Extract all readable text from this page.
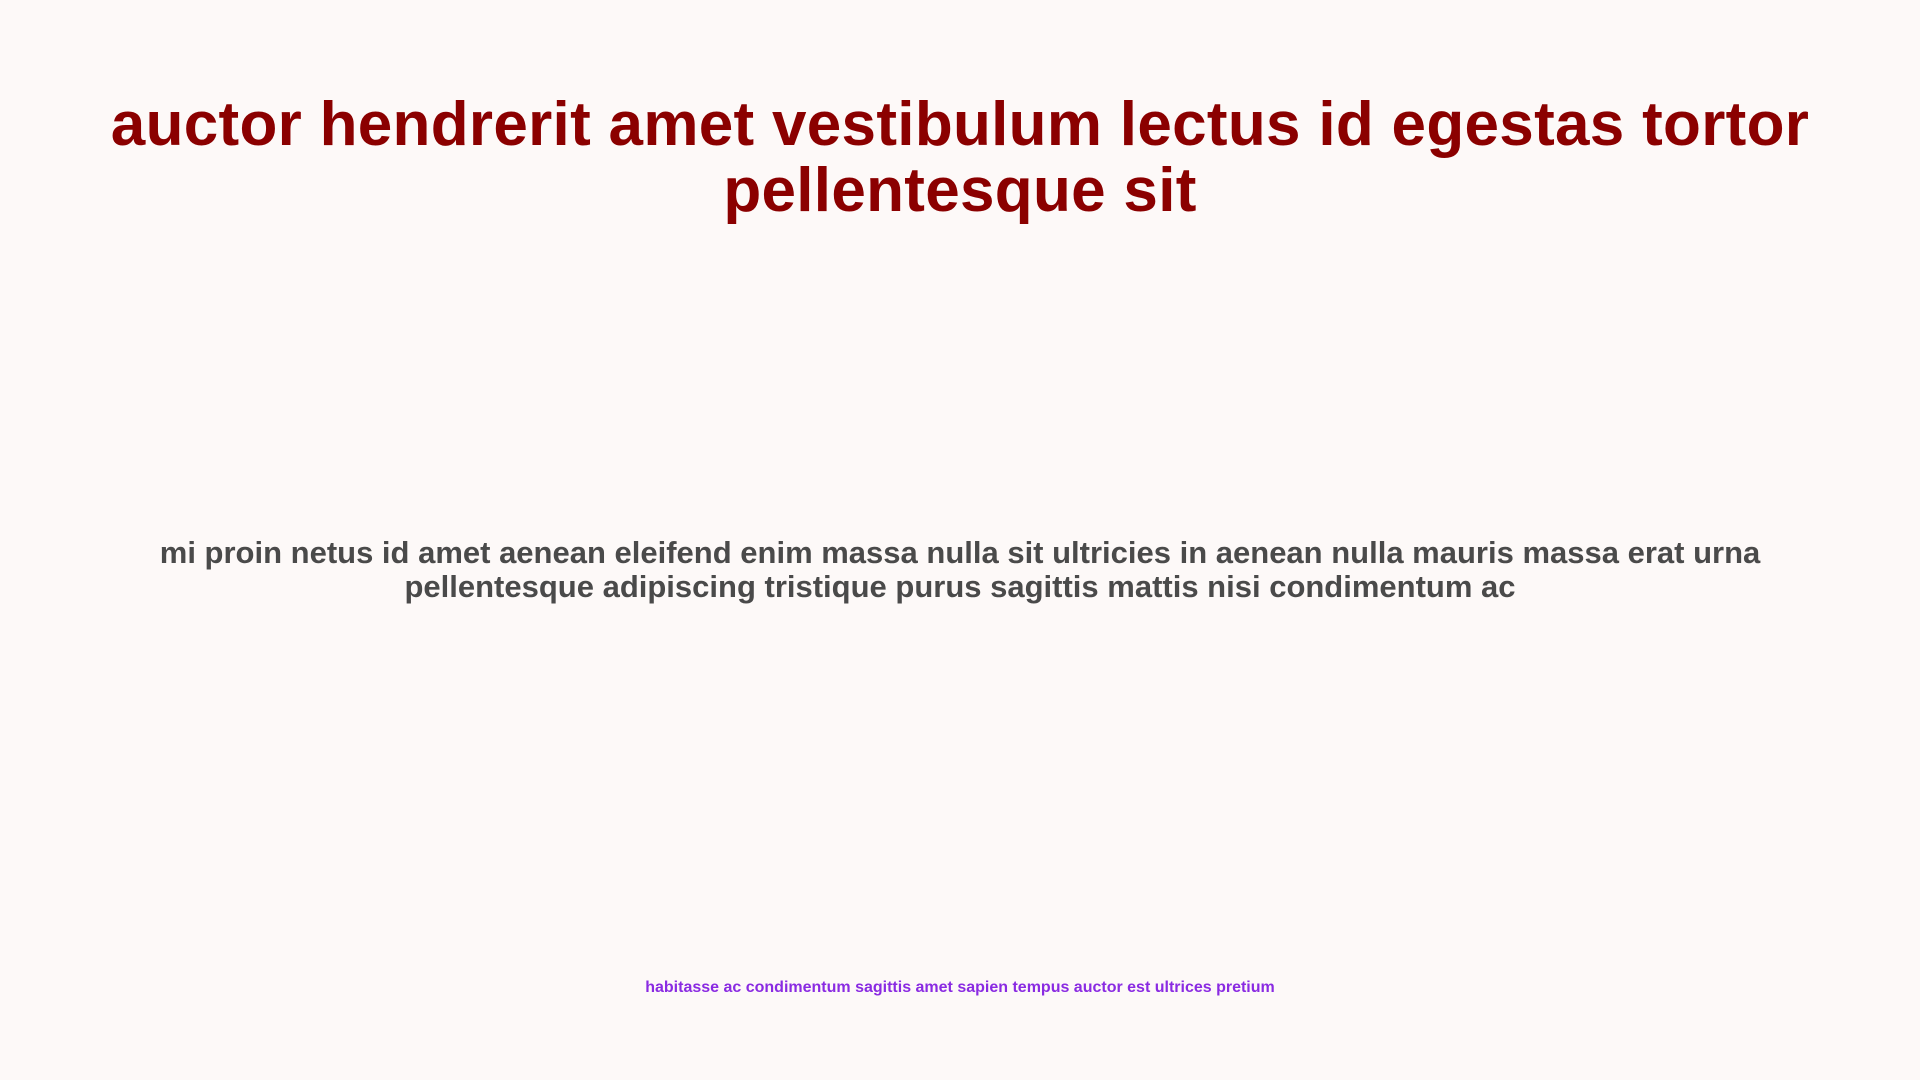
auctor hendrerit amet vestibulum lectus id egestas tortor pellentesque sit

mi proin netus id amet aenean eleifend enim massa nulla sit ultricies in aenean nulla mauris massa erat urna pellentesque adipiscing tristique purus sagittis mattis nisi condimentum ac

habitasse ac condimentum sagittis amet sapien tempus auctor est ultrices pretium
